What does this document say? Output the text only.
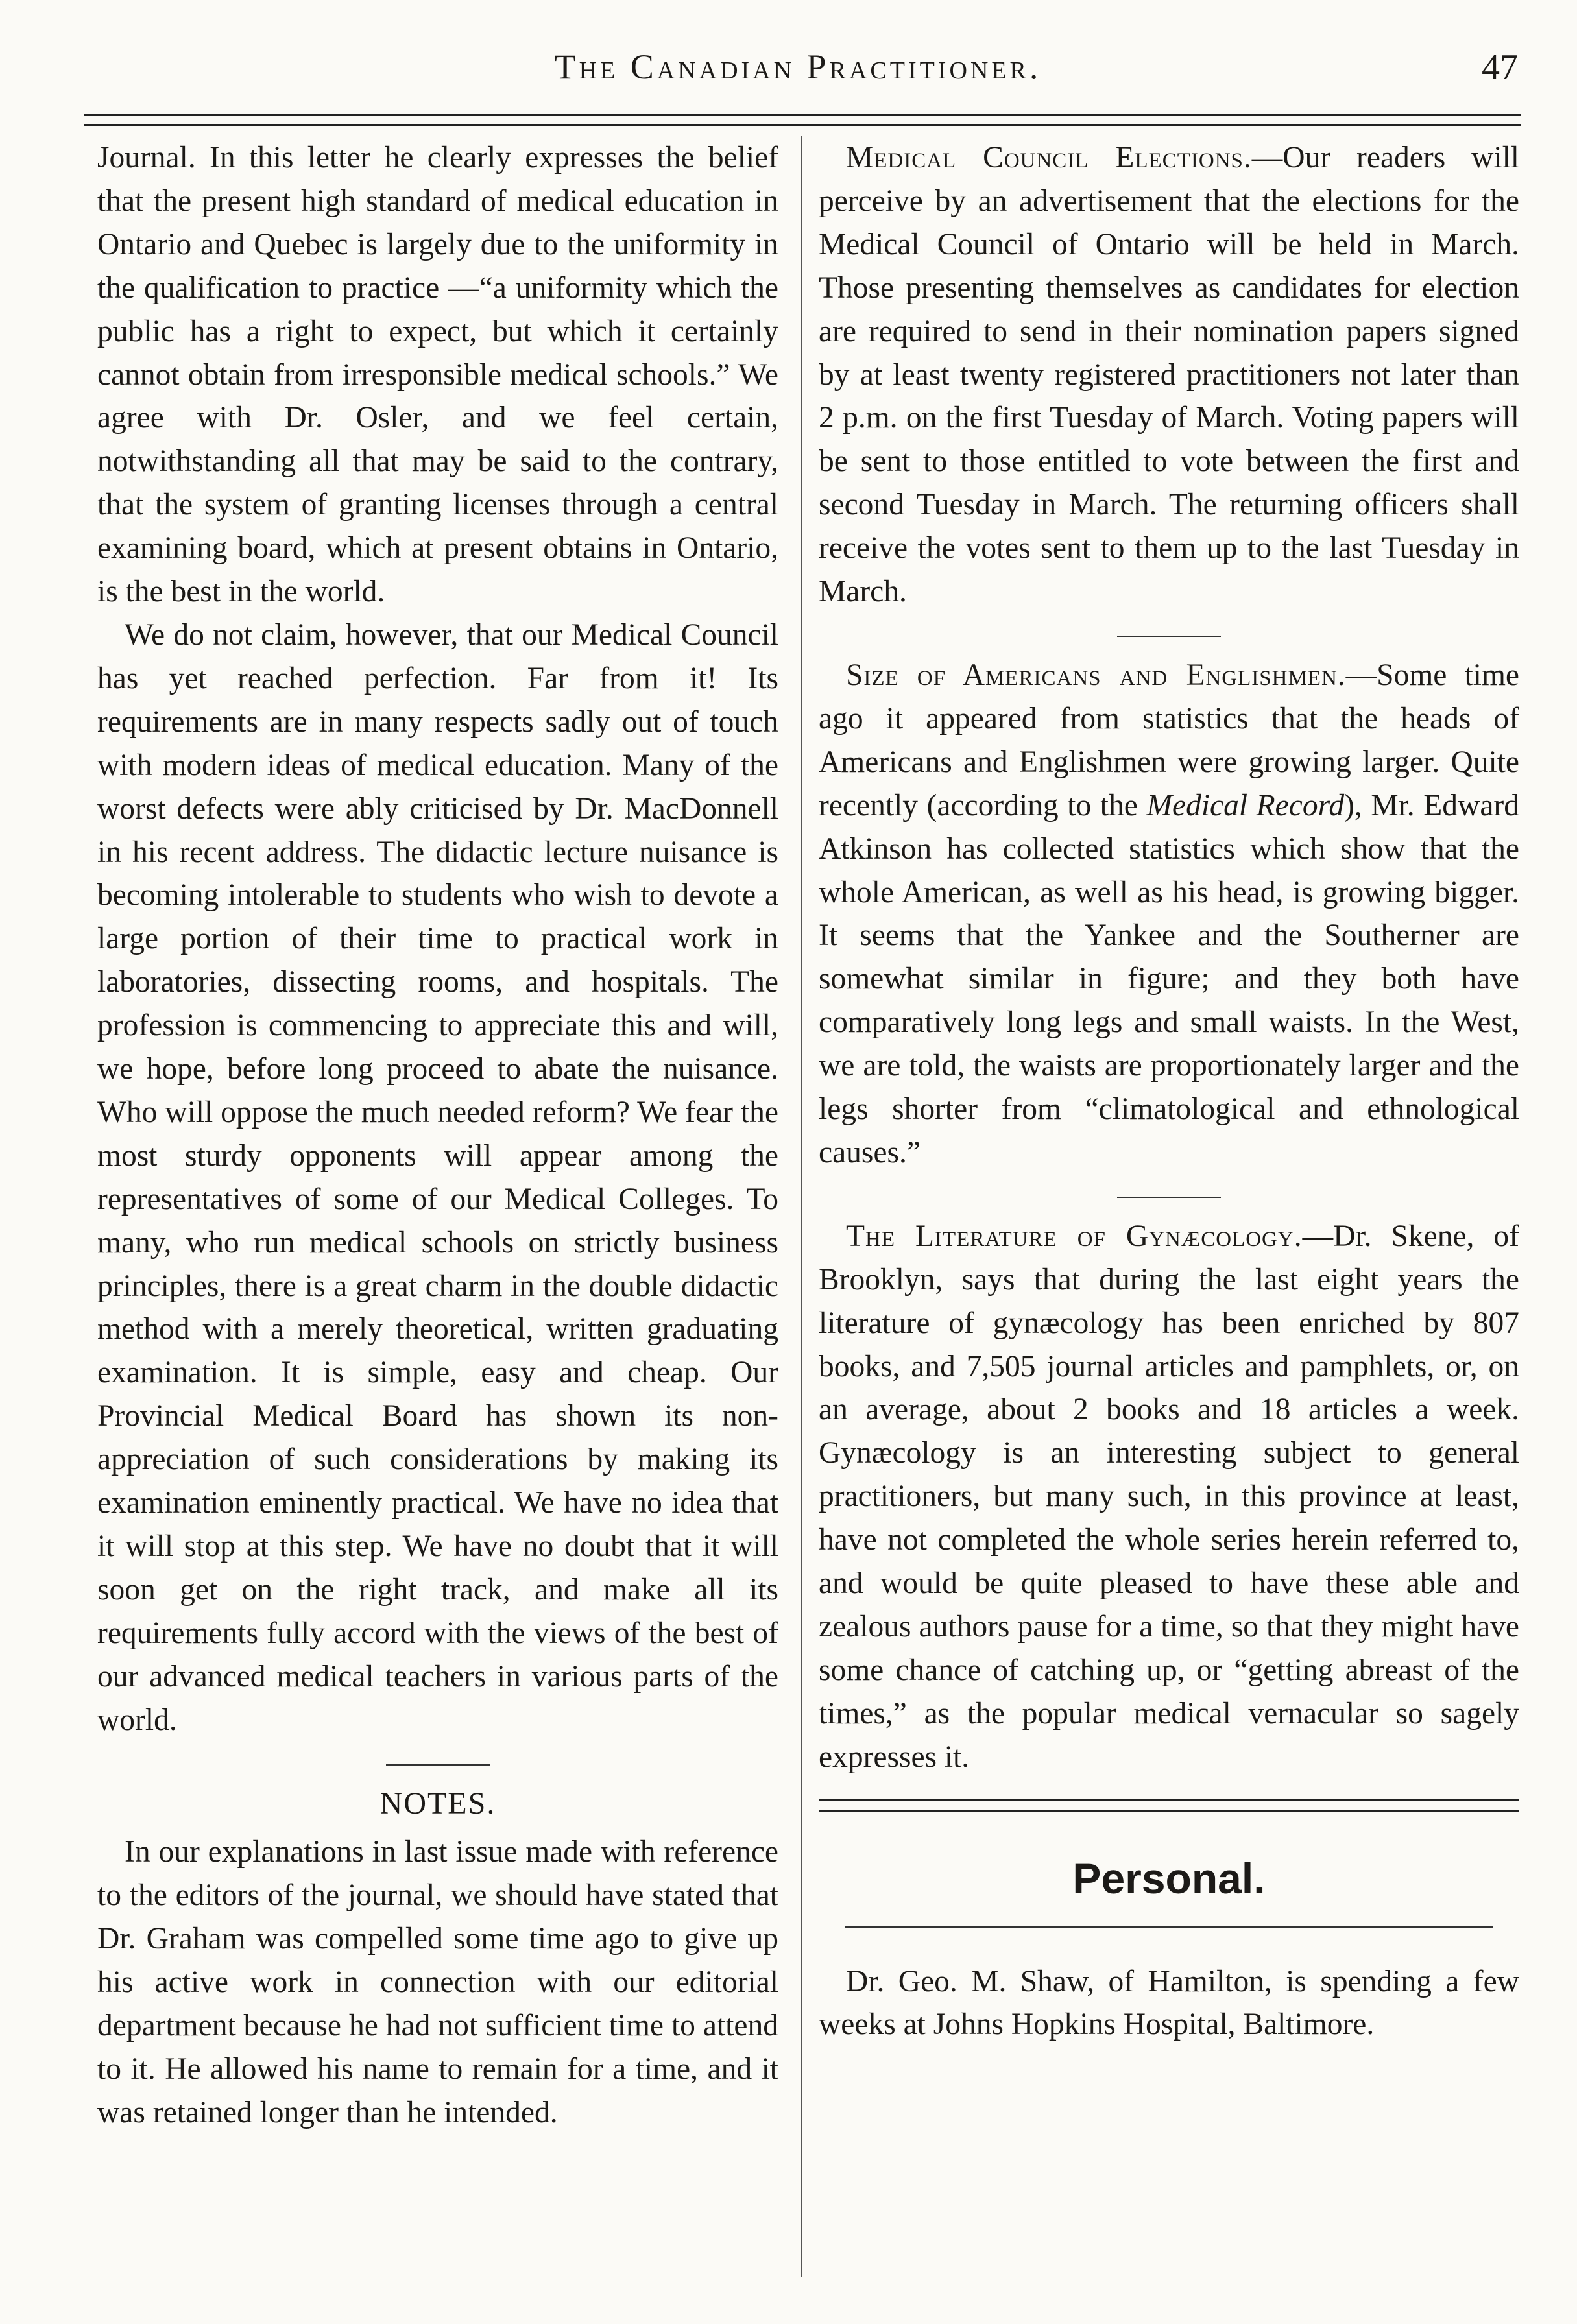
The Canadian Practitioner.	47

Journal. In this letter he clearly expresses the belief that the present high standard of medical education in Ontario and Quebec is largely due to the uniformity in the qualification to practice —“a uniformity which the public has a right to expect, but which it certainly cannot obtain from irresponsible medical schools.” We agree with Dr. Osler, and we feel certain, notwithstanding all that may be said to the contrary, that the system of granting licenses through a central examining board, which at present obtains in Ontario, is the best in the world.

We do not claim, however, that our Medical Council has yet reached perfection. Far from it! Its requirements are in many respects sadly out of touch with modern ideas of medical education. Many of the worst defects were ably criticised by Dr. MacDonnell in his recent address. The didactic lecture nuisance is becoming intolerable to students who wish to devote a large portion of their time to practical work in laboratories, dissecting rooms, and hospitals. The profession is commencing to appreciate this and will, we hope, before long proceed to abate the nuisance. Who will oppose the much needed reform? We fear the most sturdy opponents will appear among the representatives of some of our Medical Colleges. To many, who run medical schools on strictly business principles, there is a great charm in the double didactic method with a merely theoretical, written graduating examination. It is simple, easy and cheap. Our Provincial Medical Board has shown its non-appreciation of such considerations by making its examination eminently practical. We have no idea that it will stop at this step. We have no doubt that it will soon get on the right track, and make all its requirements fully accord with the views of the best of our advanced medical teachers in various parts of the world.

NOTES.

In our explanations in last issue made with reference to the editors of the journal, we should have stated that Dr. Graham was compelled some time ago to give up his active work in connection with our editorial department because he had not sufficient time to attend to it. He allowed his name to remain for a time, and it was retained longer than he intended.

Medical Council Elections.—Our readers will perceive by an advertisement that the elections for the Medical Council of Ontario will be held in March. Those presenting themselves as candidates for election are required to send in their nomination papers signed by at least twenty registered practitioners not later than 2 p.m. on the first Tuesday of March. Voting papers will be sent to those entitled to vote between the first and second Tuesday in March. The returning officers shall receive the votes sent to them up to the last Tuesday in March.

Size of Americans and Englishmen.—Some time ago it appeared from statistics that the heads of Americans and Englishmen were growing larger. Quite recently (according to the Medical Record), Mr. Edward Atkinson has collected statistics which show that the whole American, as well as his head, is growing bigger. It seems that the Yankee and the Southerner are somewhat similar in figure; and they both have comparatively long legs and small waists. In the West, we are told, the waists are proportionately larger and the legs shorter from “climatological and ethnological causes.”

The Literature of Gynæcology.—Dr. Skene, of Brooklyn, says that during the last eight years the literature of gynæcology has been enriched by 807 books, and 7,505 journal articles and pamphlets, or, on an average, about 2 books and 18 articles a week. Gynæcology is an interesting subject to general practitioners, but many such, in this province at least, have not completed the whole series herein referred to, and would be quite pleased to have these able and zealous authors pause for a time, so that they might have some chance of catching up, or “getting abreast of the times,” as the popular medical vernacular so sagely expresses it.

Personal.

Dr. Geo. M. Shaw, of Hamilton, is spending a few weeks at Johns Hopkins Hospital, Baltimore.
